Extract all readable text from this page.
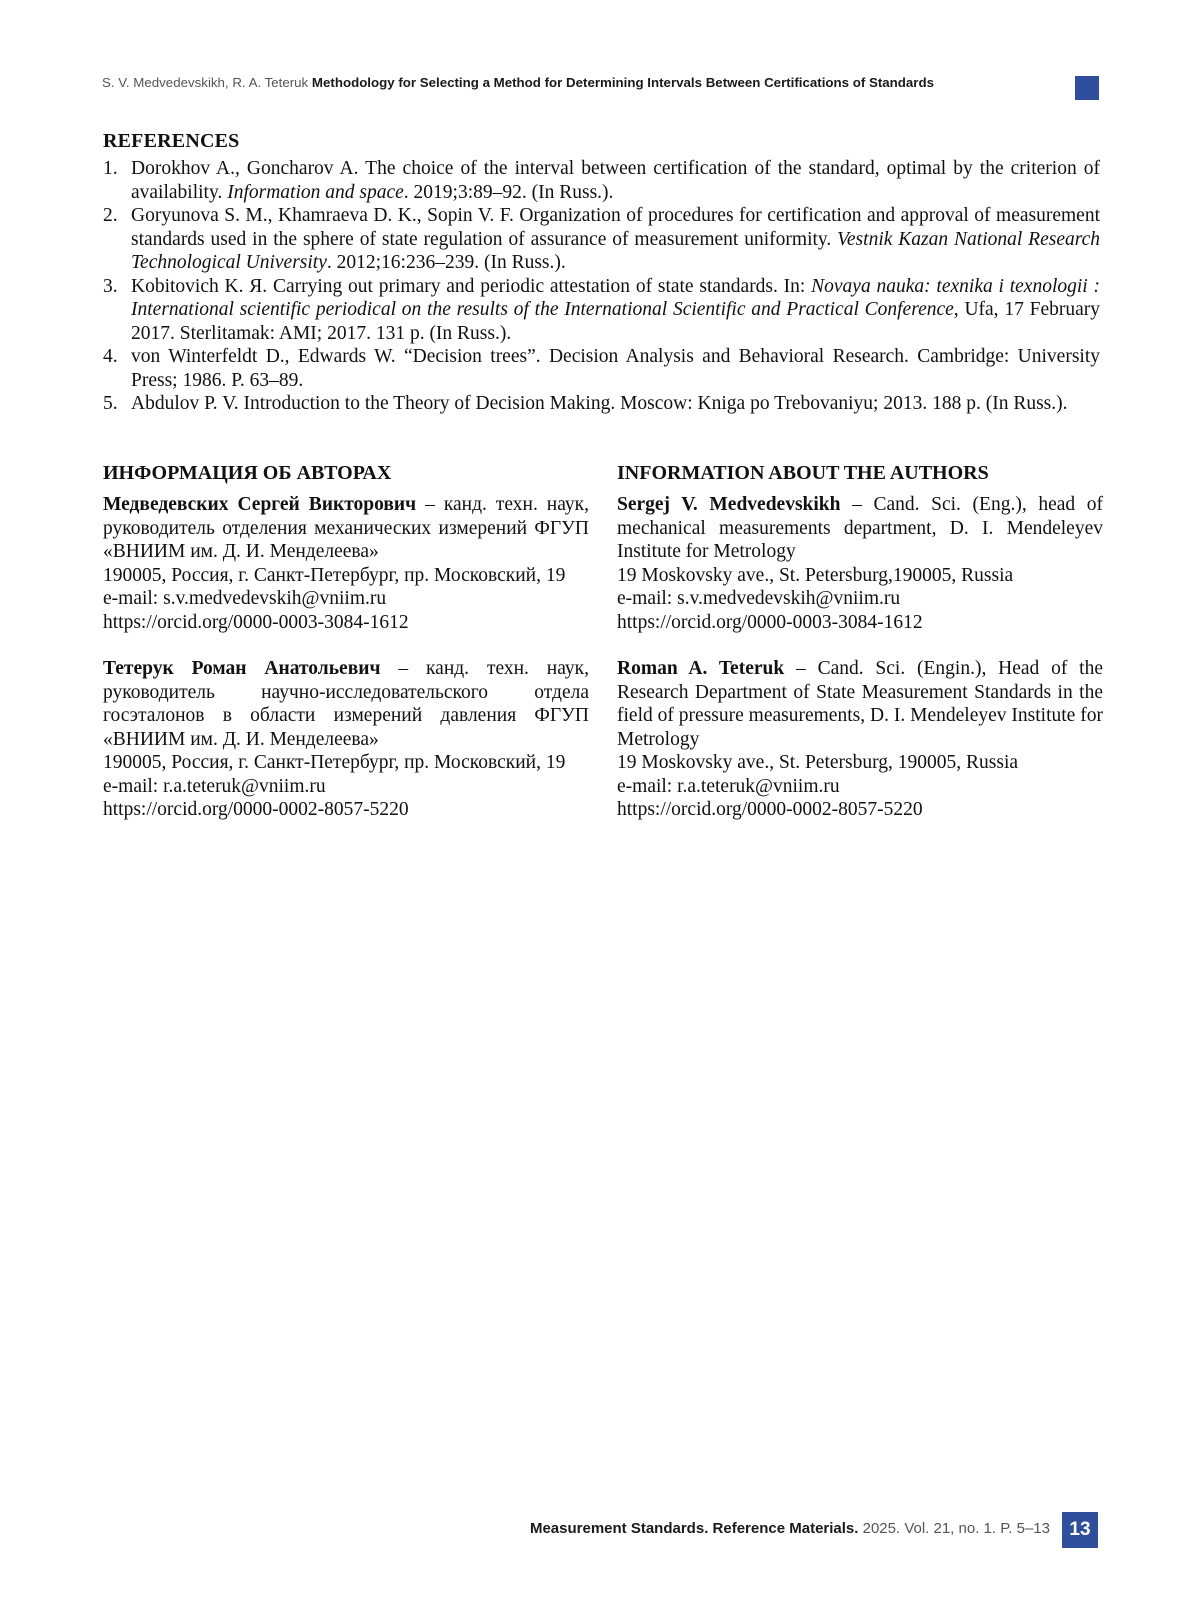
S. V. Medvedevskikh, R. A. Teteruk Methodology for Selecting a Method for Determining Intervals Between Certifications of Standards
REFERENCES
1. Dorokhov A., Goncharov A. The choice of the interval between certification of the standard, optimal by the criterion of availability. Information and space. 2019;3:89–92. (In Russ.).
2. Goryunova S. M., Khamraeva D. K., Sopin V. F. Organization of procedures for certification and approval of measurement standards used in the sphere of state regulation of assurance of measurement uniformity. Vestnik Kazan National Research Technological University. 2012;16:236–239. (In Russ.).
3. Kobitovich K. Я. Carrying out primary and periodic attestation of state standards. In: Novaya nauka: texnika i texnologii : International scientific periodical on the results of the International Scientific and Practical Conference, Ufa, 17 February 2017. Sterlitamak: AMI; 2017. 131 p. (In Russ.).
4. von Winterfeldt D., Edwards W. “Decision trees”. Decision Analysis and Behavioral Research. Cambridge: University Press; 1986. P. 63–89.
5. Abdulov P. V. Introduction to the Theory of Decision Making. Moscow: Kniga po Trebovaniyu; 2013. 188 p. (In Russ.).
ИНФОРМАЦИЯ ОБ АВТОРАХ
Медведевских Сергей Викторович – канд. техн. наук, руководитель отделения механических измерений ФГУП «ВНИИМ им. Д. И. Менделеева»
190005, Россия, г. Санкт-Петербург, пр. Московский, 19
e-mail: s.v.medvedevskih@vniim.ru
https://orcid.org/0000-0003-3084-1612
Тетерук Роман Анатольевич – канд. техн. наук, руководитель научно-исследовательского отдела госэталонов в области измерений давления ФГУП «ВНИИМ им. Д. И. Менделеева»
190005, Россия, г. Санкт-Петербург, пр. Московский, 19
e-mail: r.a.teteruk@vniim.ru
https://orcid.org/0000-0002-8057-5220
INFORMATION ABOUT THE AUTHORS
Sergej V. Medvedevskikh – Cand. Sci. (Eng.), head of mechanical measurements department, D. I. Mendeleyev Institute for Metrology
19 Moskovsky ave., St. Petersburg,190005, Russia
e-mail: s.v.medvedevskih@vniim.ru
https://orcid.org/0000-0003-3084-1612
Roman A. Teteruk – Cand. Sci. (Engin.), Head of the Research Department of State Measurement Standards in the field of pressure measurements, D. I. Mendeleyev Institute for Metrology
19 Moskovsky ave., St. Petersburg, 190005, Russia
e-mail: r.a.teteruk@vniim.ru
https://orcid.org/0000-0002-8057-5220
Measurement Standards. Reference Materials. 2025. Vol. 21, no. 1. P. 5–13	13
